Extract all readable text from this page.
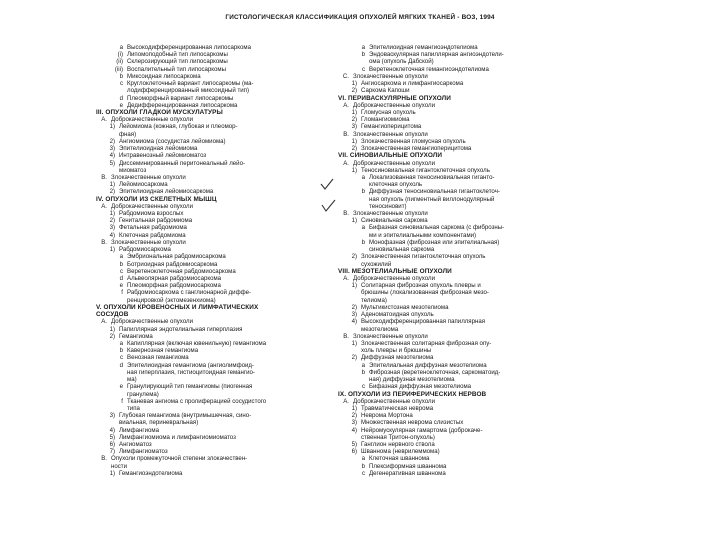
ГИСТОЛОГИЧЕСКАЯ КЛАССИФИКАЦИЯ ОПУХОЛЕЙ МЯГКИХ ТКАНЕЙ - ВОЗ, 1994
a Высокодифференцированная липосаркома
(i) Липомоподобный тип липосаркомы
(ii) Склерозирующий тип липосаркомы
(iii) Воспалительный тип липосаркомы
b Миксоидная липосаркома
c Круглоклеточный вариант липосаркомы (ма-
лодифференцированный миксоидный тип)
d Плеоморфный вариант липосаркомы
e Дедифференцированная липосаркома
III. ОПУХОЛИ ГЛАДКОЙ МУСКУЛАТУРЫ
А. Доброкачественные опухоли
1) Лейомиома (кожная, глубокая и плеомор-
фная)
2) Ангиомиома (сосудистая лейомиома)
3) Эпителиоидная лейомиома
4) Интравенозный лейомиоматоз
5) Диссеминированный перитонеальный лейо-
миоматоз
В. Злокачественные опухоли
1) Лейомиосаркома
2) Эпителиоидная лейомиосаркома
IV. ОПУХОЛИ ИЗ СКЕЛЕТНЫХ МЫШЦ
А. Доброкачественные опухоли
1) Рабдомиома взрослых
2) Генитальная рабдомиома
3) Фетальная рабдомиома
4) Клеточная рабдомиома
В. Злокачественные опухоли
1) Рабдомиосаркома
a Эмбриональная рабдомиосаркома
b Ботриоидная рабдомиосаркома
c Веретеноклеточная рабдомиосаркома
d Альвеолярная рабдомиосаркома
e Плеоморфная рабдомиосаркома
f Рабдомиосаркома с ганглионарной диффе-
ренцировкой (эктомезенхиома)
V. ОПУХОЛИ КРОВЕНОСНЫХ И ЛИМФАТИЧЕСКИХ
СОСУДОВ
А. Доброкачественные опухоли
1) Папиллярная эндотелиальная гиперплазия
2) Гемангиома
a Капиллярная (включая ювенильную) гемангиома
b Кавернозная гемангиома
c Венозная гемангиома
d Эпителиоидная гемангиома (ангиолимфоид-
ная гиперплазия, гистиоцитоидная гемангио-
ма)
e Гранулирующий тип гемангиомы (пиогенная
гранулема)
f Тканевая ангиома с пролиферацией сосудистого
типа
3) Глубокая гемангиома (внутримышечная, сино-
виальная, периневральная)
4) Лимфангиома
5) Лимфангиомиома и лимфангиомиоматоз
6) Ангиоматоз
7) Лимфангиоматоз
В. Опухоли промежуточной степени злокачествен-
ности
1) Гемангиоэндотелиома
a Эпителиоидная гемангиоэндотелиома
b Эндоваскулярная папиллярная ангиоэндотели-
ома (опухоль Дабской)
c Веретеноклеточная гемангиоэндотелиома
C. Злокачественные опухоли
1) Ангиосаркома и лимфангиосаркома
2) Саркома Капоши
VI. ПЕРИВАСКУЛЯРНЫЕ ОПУХОЛИ
А. Доброкачественные опухоли
1) Гломусная опухоль
2) Гломангиомиома
3) Гемангиоперицитома
В. Злокачественные опухоли
1) Злокачественная гломусная опухоль
2) Злокачественная гемангиоперицитома
VII. СИНОВИАЛЬНЫЕ ОПУХОЛИ
А. Доброкачественные опухоли
1) Теносиновиальная гигантоклеточная опухоль
a Локализованная теносиновиальная гиганто-
клеточная опухоль
b Диффузная теносиновиальная гигантоклеточ-
ная опухоль (пигментный виллонодулярный
теносиновит)
В. Злокачественные опухоли
1) Синовиальная саркома
a Бифазная синовиальная саркома (с фиброзны-
ми и эпителиальными компонентами)
b Монофазная (фиброзная или эпителиальная)
синовиальная саркома
2) Злокачественная гигантоклеточная опухоль
сухожилий
VIII. МЕЗОТЕЛИАЛЬНЫЕ ОПУХОЛИ
А. Доброкачественные опухоли
1) Солитарная фиброзная опухоль плевры и
брюшины (локализованная фиброзная мезо-
телиома)
2) Мультикистозная мезотелиома
3) Аденоматоидная опухоль
4) Высокодифференцированная папиллярная
мезотелиома
В. Злокачественные опухоли
1) Злокачественная солитарная фиброзная опу-
холь плевры и брюшины
2) Диффузная мезотелиома
a Эпителиальная диффузная мезотелиома
b Фиброзная (веретеноклеточная, саркоматоид-
ная) диффузная мезотелиома
c Бифазная диффузная мезотелиома
IX. ОПУХОЛИ ИЗ ПЕРИФЕРИЧЕСКИХ НЕРВОВ
А. Доброкачественные опухоли
1) Травматическая неврома
2) Неврома Мортона
3) Множественная неврома слизистых
4) Нейромускулярная гамартома (доброкаче-
ственная Тритон-опухоль)
5) Ганглион нервного ствола
6) Шваннома (неврилеммома)
a Клеточная шваннома
b Плексиформная шваннома
c Дегенеративная шваннома
